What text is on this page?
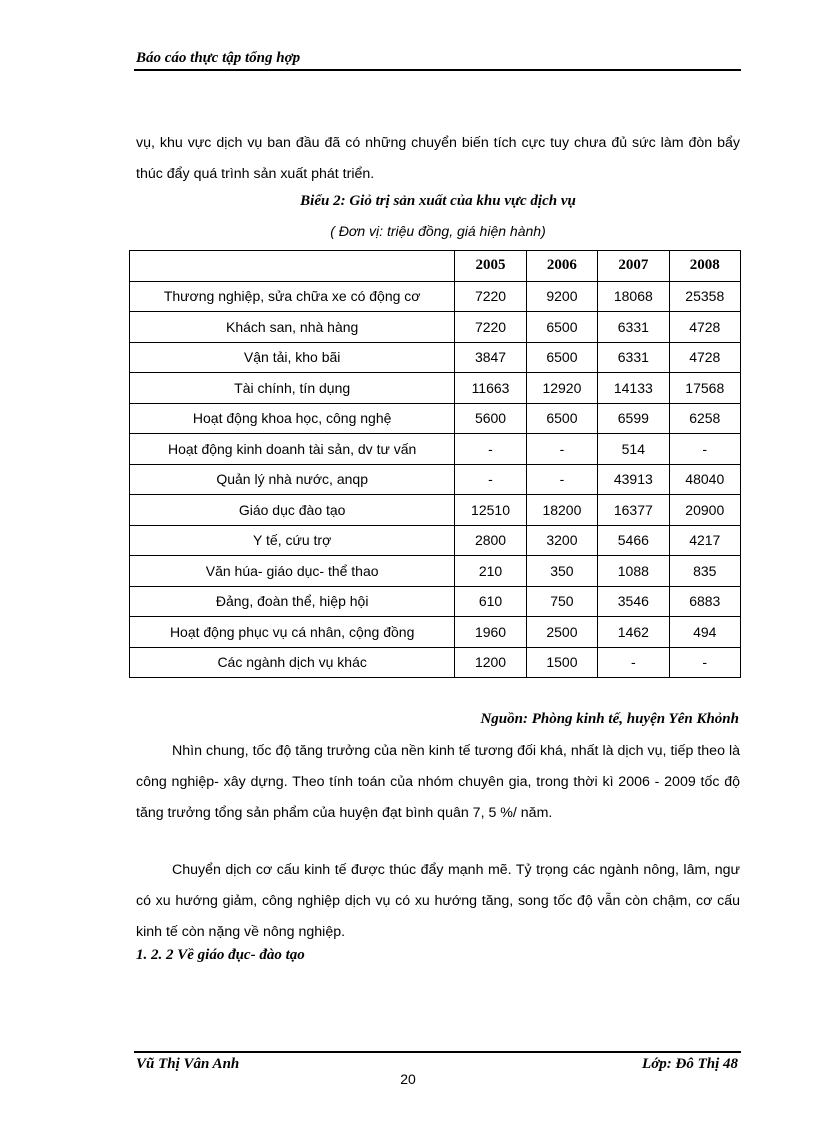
Báo cáo thực tập tổng hợp

vụ, khu vực dịch vụ ban đầu đã có những chuyển biến tích cực tuy chưa đủ sức làm đòn bẩy thúc đẩy quá trình sản xuất phát triển.

Biểu 2: Giỏ trị sản xuất của khu vực dịch vụ

( Đơn vị: triệu đồng, giá hiện hành)

	2005	2006	2007	2008
Thương nghiệp, sửa chữa xe có động cơ	7220	9200	18068	25358
Khách san, nhà hàng	7220	6500	6331	4728
Vận tải, kho bãi	3847	6500	6331	4728
Tài chính, tín dụng	11663	12920	14133	17568
Hoạt động khoa học, công nghệ	5600	6500	6599	6258
Hoạt động kinh doanh tài sản, dv tư vấn	-	-	514	-
Quản lý nhà nước, anqp	-	-	43913	48040
Giáo dục đào tạo	12510	18200	16377	20900
Y tế, cứu trợ	2800	3200	5466	4217
Văn húa- giáo dục- thể thao	210	350	1088	835
Đảng, đoàn thể, hiệp hội	610	750	3546	6883
Hoạt động phục vụ cá nhân, cộng đồng	1960	2500	1462	494
Các ngành dịch vụ khác	1200	1500	-	-
Nguồn: Phòng kinh tế, huyện Yên Khỏnh

Nhìn chung, tốc độ tăng trưởng của nền kinh tế tương đối khá, nhất là dịch vụ, tiếp theo là công nghiệp- xây dựng. Theo tính toán của nhóm chuyên gia, trong thời kì 2006 - 2009 tốc độ tăng trưởng tổng sản phẩm của huyện đạt bình quân 7, 5 %/ năm.

Chuyển dịch cơ cấu kinh tế được thúc đẩy mạnh mẽ. Tỷ trọng các ngành nông, lâm, ngư có xu hướng giảm, công nghiệp dịch vụ có xu hướng tăng, song tốc độ vẫn còn chậm, cơ cấu kinh tế còn nặng về nông nghiệp.

1. 2. 2 Về giáo đục- đào tạo
Vũ Thị Vân Anh	Lớp: Đô Thị 48
20
